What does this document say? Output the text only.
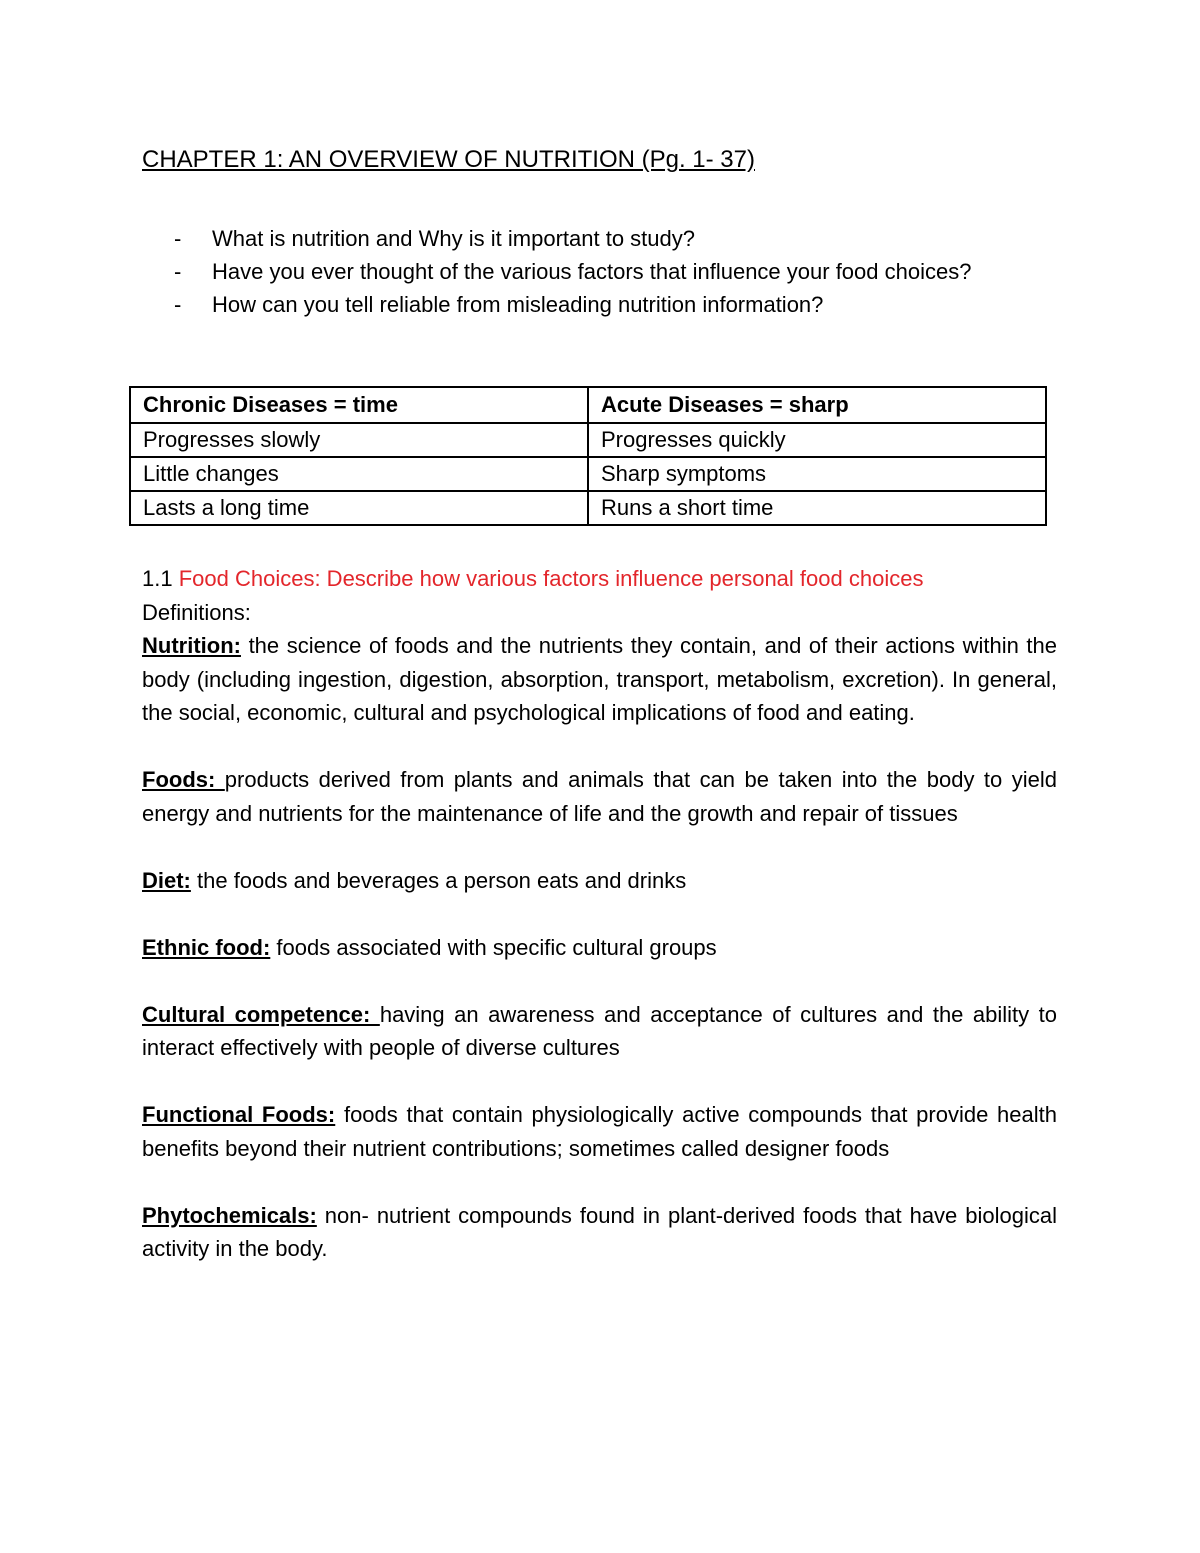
CHAPTER 1: AN OVERVIEW OF NUTRITION (Pg. 1- 37)
- What is nutrition and Why is it important to study?
- Have you ever thought of the various factors that influence your food choices?
- How can you tell reliable from misleading nutrition information?
Chronic Diseases = time	Acute Diseases = sharp
Progresses slowly	Progresses quickly
Little changes	Sharp symptoms
Lasts a long time	Runs a short time

1.1 Food Choices: Describe how various factors influence personal food choices

Definitions:

Nutrition: the science of foods and the nutrients they contain, and of their actions within the body (including ingestion, digestion, absorption, transport, metabolism, excretion). In general, the social, economic, cultural and psychological implications of food and eating.

Foods: products derived from plants and animals that can be taken into the body to yield energy and nutrients for the maintenance of life and the growth and repair of tissues

Diet: the foods and beverages a person eats and drinks

Ethnic food: foods associated with specific cultural groups

Cultural competence: having an awareness and acceptance of cultures and the ability to interact effectively with people of diverse cultures

Functional Foods: foods that contain physiologically active compounds that provide health benefits beyond their nutrient contributions; sometimes called designer foods

Phytochemicals: non- nutrient compounds found in plant-derived foods that have biological activity in the body.
